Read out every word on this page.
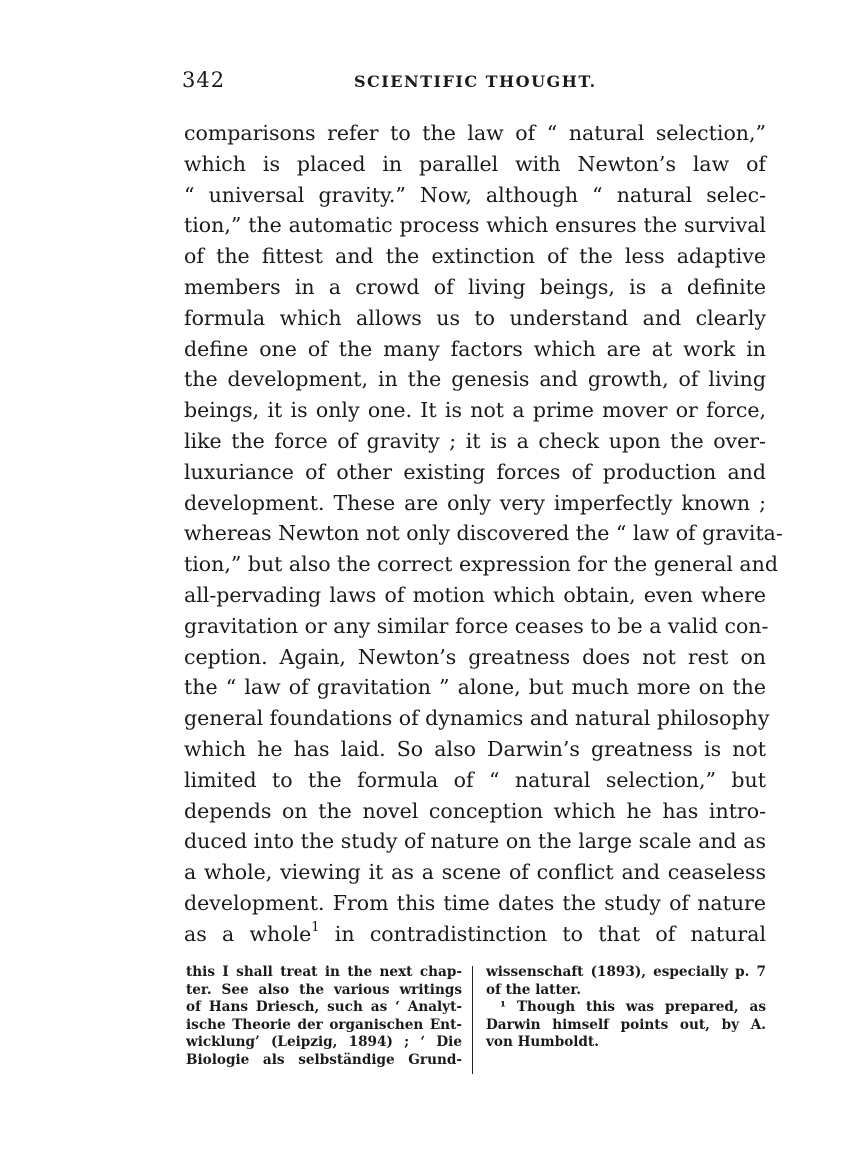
342	SCIENTIFIC THOUGHT.
comparisons refer to the law of “ natural selection,”
which is placed in parallel with Newton’s law of
“ universal gravity.” Now, although “ natural selec-
tion,” the automatic process which ensures the survival
of the fittest and the extinction of the less adaptive
members in a crowd of living beings, is a definite
formula which allows us to understand and clearly
define one of the many factors which are at work in
the development, in the genesis and growth, of living
beings, it is only one. It is not a prime mover or force,
like the force of gravity ; it is a check upon the over-
luxuriance of other existing forces of production and
development. These are only very imperfectly known ;
whereas Newton not only discovered the “ law of gravita-
tion,” but also the correct expression for the general and
all-pervading laws of motion which obtain, even where
gravitation or any similar force ceases to be a valid con-
ception. Again, Newton’s greatness does not rest on
the “ law of gravitation ” alone, but much more on the
general foundations of dynamics and natural philosophy
which he has laid. So also Darwin’s greatness is not
limited to the formula of “ natural selection,” but
depends on the novel conception which he has intro-
duced into the study of nature on the large scale and as
a whole, viewing it as a scene of conflict and ceaseless
development. From this time dates the study of nature
as a whole$^1$ in contradistinction to that of natural
this I shall treat in the next chap-
ter. See also the various writings
of Hans Driesch, such as ‘ Analyt-
ische Theorie der organischen Ent-
wicklung’ (Leipzig, 1894) ; ‘ Die
Biologie als selbständige Grund-
wissenschaft (1893), especially p. 7
of the latter.
¹ Though this was prepared, as
Darwin himself points out, by A.
von Humboldt.
